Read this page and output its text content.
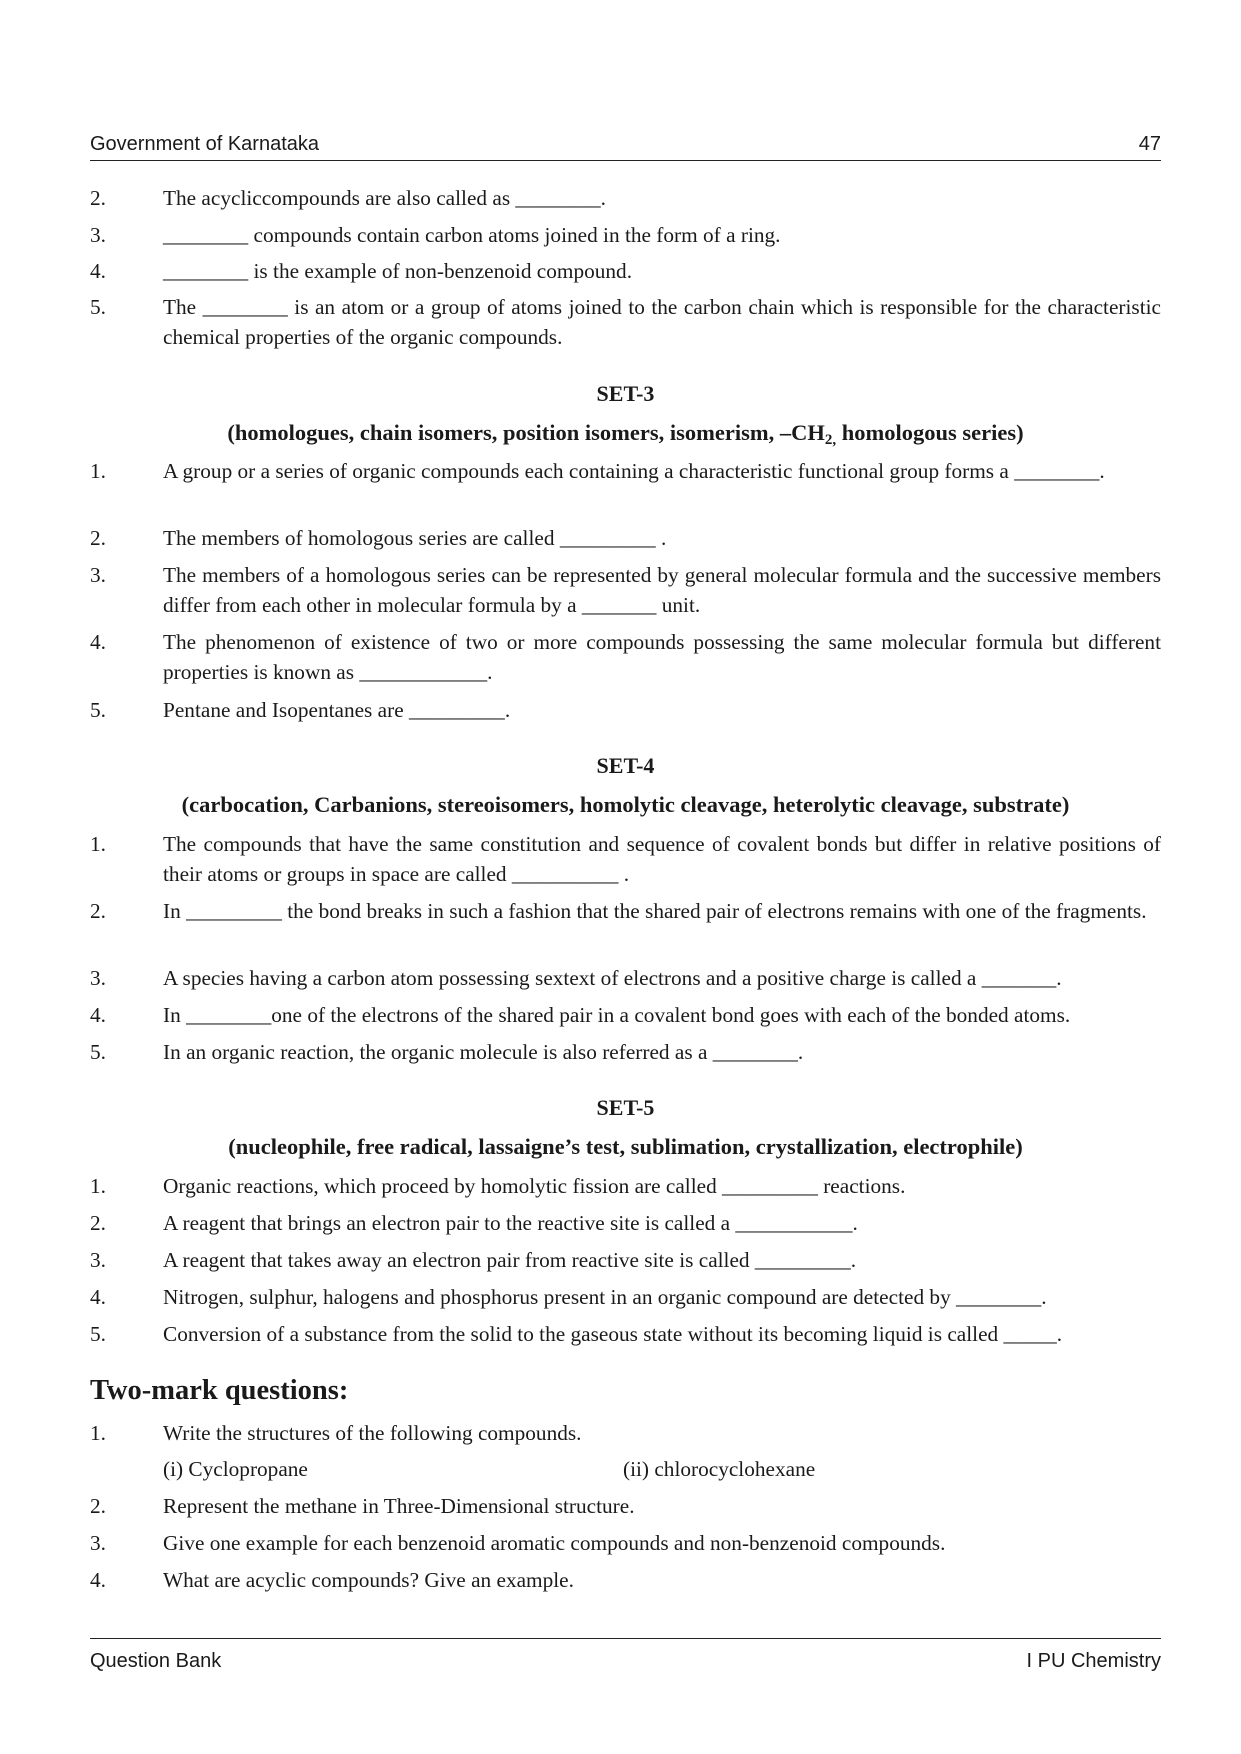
Government of Karnataka	47
2.	The acycliccompounds are also called as ________.
3.	________ compounds contain carbon atoms joined in the form of a ring.
4.	________ is the example of non-benzenoid compound.
5.	The ________ is an atom or a group of atoms joined to the carbon chain which is responsible for the characteristic chemical properties of the organic compounds.
SET-3
(homologues, chain isomers, position isomers, isomerism, $-CH_{2,}$ homologous series)
1.	A group or a series of organic compounds each containing a characteristic functional group forms a ________.
2.	The members of homologous series are called _________ .
3.	The members of a homologous series can be represented by general molecular formula and the successive members differ from each other in molecular formula by a _______ unit.
4.	The phenomenon of existence of two or more compounds possessing the same molecular formula but different properties is known as ____________.
5.	Pentane and Isopentanes are _________.
SET-4
(carbocation, Carbanions, stereoisomers, homolytic cleavage, heterolytic cleavage, substrate)
1.	The compounds that have the same constitution and sequence of covalent bonds but differ in relative positions of their atoms or groups in space are called __________ .
2.	In _________ the bond breaks in such a fashion that the shared pair of electrons remains with one of the fragments.
3.	A species having a carbon atom possessing sextext of electrons and a positive charge is called a _______.
4.	In ________one of the electrons of the shared pair in a covalent bond goes with each of the bonded atoms.
5.	In an organic reaction, the organic molecule is also referred as a ________.
SET-5
(nucleophile, free radical, lassaigne’s test, sublimation, crystallization, electrophile)
1.	Organic reactions, which proceed by homolytic fission are called _________ reactions.
2.	A reagent that brings an electron pair to the reactive site is called a ___________.
3.	A reagent that takes away an electron pair from reactive site is called _________.
4.	Nitrogen, sulphur, halogens and phosphorus present in an organic compound are detected by ________.
5.	Conversion of a substance from the solid to the gaseous state without its becoming liquid is called _____.
Two-mark questions:
1.	Write the structures of the following compounds.
(i) Cyclopropane	(ii) chlorocyclohexane
2.	Represent the methane in Three-Dimensional structure.
3.	Give one example for each benzenoid aromatic compounds and non-benzenoid compounds.
4.	What are acyclic compounds? Give an example.
Question Bank	I PU Chemistry
